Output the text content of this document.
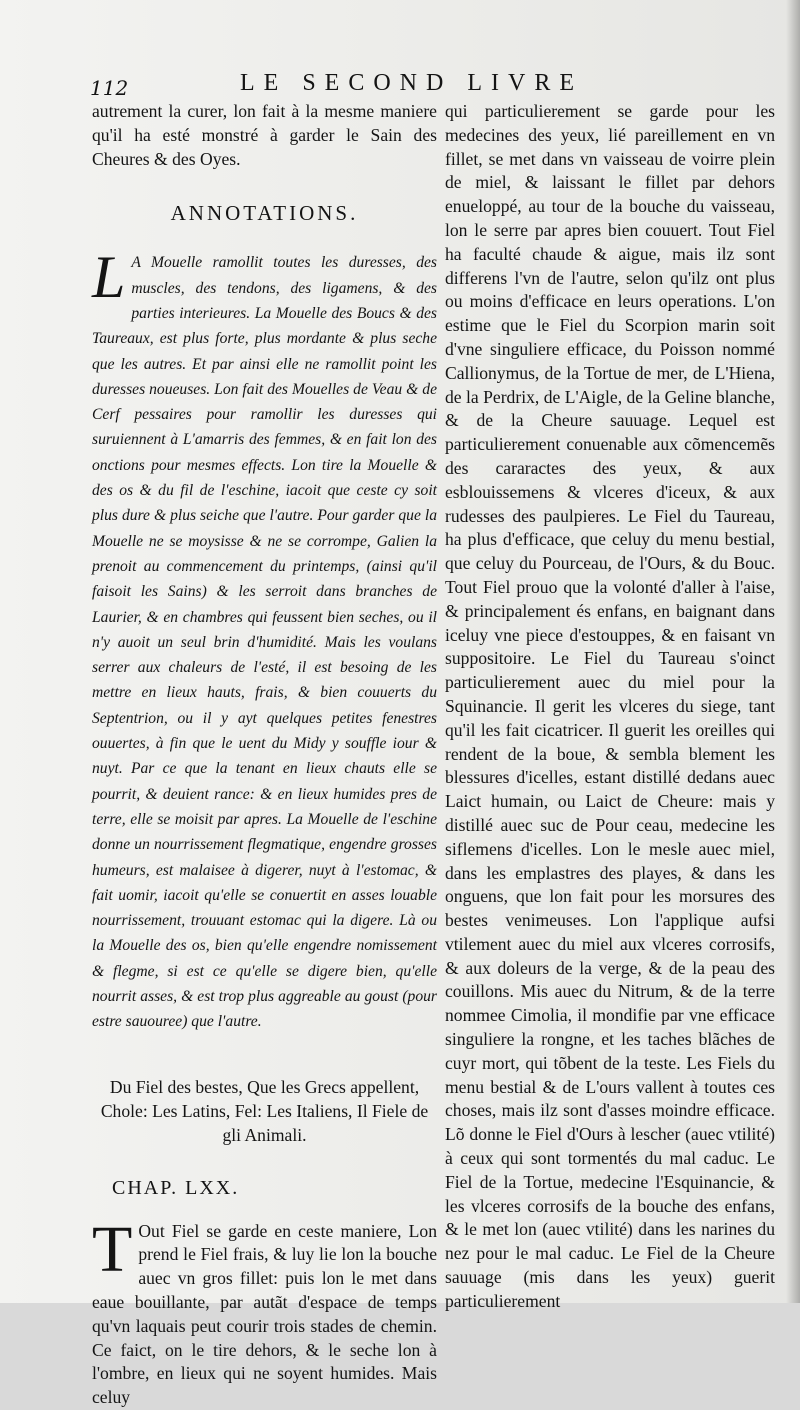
112	LE SECOND LIVRE

autrement la curer, lon fait à la mesme maniere qu'il ha esté monstré à garder le Sain des Cheures & des Oyes.

ANNOTATIONS.

L A Mouelle ramollit toutes les duresses, des muscles, des tendons, des ligamens, & des parties interieures. La Mouelle des Boucs & des Taureaux, est plus forte, plus mordante & plus seche que les autres. Et par ainsi elle ne ramollit point les duresses noueuses. Lon fait des Mouelles de Veau & de Cerf pessaires pour ramollir les duresses qui suruiennent à L'amarris des femmes, & en fait lon des onctions pour mesmes effects. Lon tire la Mouelle & des os & du fil de l'eschine, iacoit que ceste cy soit plus dure & plus seiche que l'autre. Pour garder que la Mouelle ne se moysisse & ne se corrompe, Galien la prenoit au commencement du printemps, (ainsi qu'il faisoit les Sains) & les serroit dans branches de Laurier, & en chambres qui feussent bien seches, ou il n'y auoit un seul brin d'humidité. Mais les voulans serrer aux chaleurs de l'esté, il est besoing de les mettre en lieux hauts, frais, & bien couuerts du Septentrion, ou il y ayt quelques petites fenestres ouuertes, à fin que le uent du Midy y souffle iour & nuyt. Par ce que la tenant en lieux chauts elle se pourrit, & deuient rance: & en lieux humides pres de terre, elle se moisit par apres. La Mouelle de l'eschine donne un nourrissement flegmatique, engendre grosses humeurs, est malaisee à digerer, nuyt à l'estomac, & fait uomir, iacoit qu'elle se conuertit en asses louable nourrissement, trouuant estomac qui la digere. Là ou la Mouelle des os, bien qu'elle engendre nomissement & flegme, si est ce qu'elle se digere bien, qu'elle nourrit asses, & est trop plus aggreable au goust (pour estre sauouree) que l'autre.

Du Fiel des bestes, Que les Grecs appellent, Chole: Les Latins, Fel: Les Italiens, Il Fiele de gli Animali.
CHAP. LXX.

T Out Fiel se garde en ceste maniere, Lon prend le Fiel frais, & luy lie lon la bouche auec vn gros fillet: puis lon le met dans eaue bouillante, par autãt d'espace de temps qu'vn laquais peut courir trois stades de chemin. Ce faict, on le tire dehors, & le seche lon à l'ombre, en lieux qui ne soyent humides. Mais celuy

qui particulierement se garde pour les medecines des yeux, lié pareillement en vn fillet, se met dans vn vaisseau de voirre plein de miel, & laissant le fillet par dehors enueloppé, au tour de la bouche du vaisseau, lon le serre par apres bien couuert. Tout Fiel ha faculté chaude & aigue, mais ilz sont differens l'vn de l'autre, selon qu'ilz ont plus ou moins d'efficace en leurs operations. L'on estime que le Fiel du Scorpion marin soit d'vne singuliere efficace, du Poisson nommé Callionymus, de la Tortue de mer, de L'Hiena, de la Perdrix, de L'Aigle, de la Geline blanche, & de la Cheure sauuage. Lequel est particulierement conuenable aux cõmencemẽs des cararactes des yeux, & aux esblouissemens & vlceres d'iceux, & aux rudesses des paulpieres. Le Fiel du Taureau, ha plus d'efficace, que celuy du menu bestial, que celuy du Pourceau, de l'Ours, & du Bouc. Tout Fiel prouo que la volonté d'aller à l'aise, & principalement és enfans, en baignant dans iceluy vne piece d'estouppes, & en faisant vn suppositoire. Le Fiel du Taureau s'oinct particulierement auec du miel pour la Squinancie. Il gerit les vlceres du siege, tant qu'il les fait cicatricer. Il guerit les oreilles qui rendent de la boue, & sembla blement les blessures d'icelles, estant distillé dedans auec Laict humain, ou Laict de Cheure: mais y distillé auec suc de Pour ceau, medecine les siflemens d'icelles. Lon le mesle auec miel, dans les emplastres des playes, & dans les onguens, que lon fait pour les morsures des bestes venimeuses. Lon l'applique aufsi vtilement auec du miel aux vlceres corrosifs, & aux doleurs de la verge, & de la peau des couillons. Mis auec du Nitrum, & de la terre nommee Cimolia, il mondifie par vne efficace singuliere la rongne, et les taches blãches de cuyr mort, qui tõbent de la teste. Les Fiels du menu bestial & de L'ours vallent à toutes ces choses, mais ilz sont d'asses moindre efficace. Lõ donne le Fiel d'Ours à lescher (auec vtilité) à ceux qui sont tormentés du mal caduc. Le Fiel de la Tortue, medecine l'Esquinancie, & les vlceres corrosifs de la bouche des enfans, & le met lon (auec vtilité) dans les narines du nez pour le mal caduc. Le Fiel de la Cheure sauuage (mis dans les yeux) guerit particulierement
